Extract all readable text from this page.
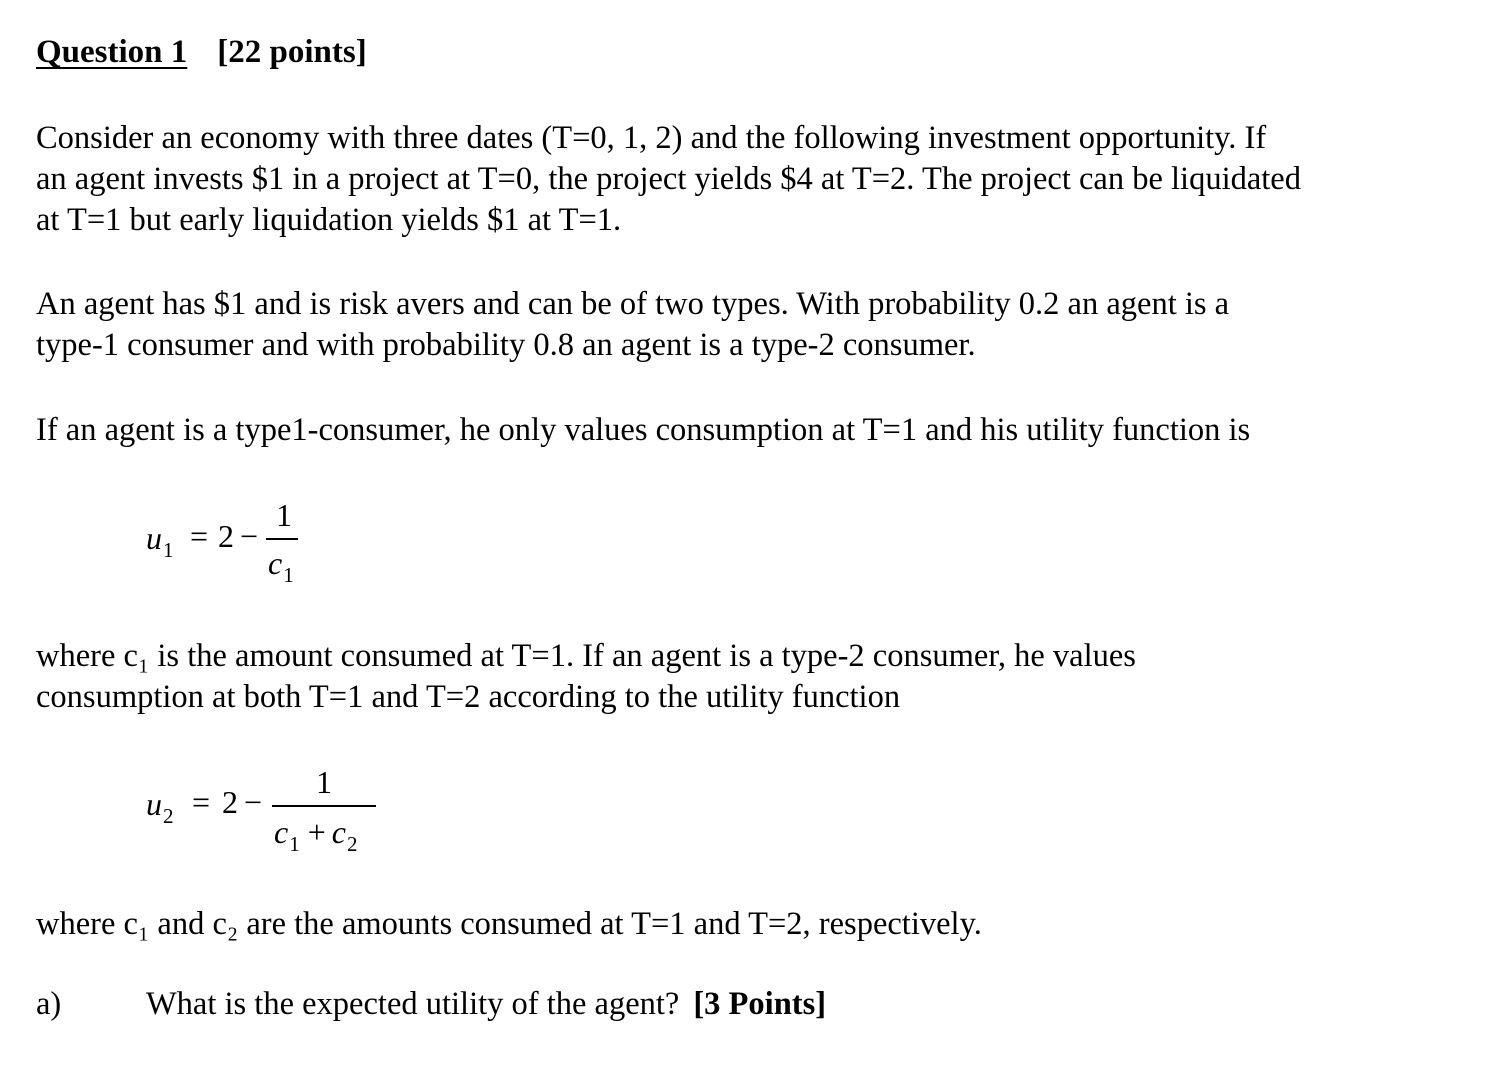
Question 1 [22 points]

Consider an economy with three dates (T=0, 1, 2) and the following investment opportunity. If
an agent invests $1 in a project at T=0, the project yields $4 at T=2. The project can be liquidated
at T=1 but early liquidation yields $1 at T=1.

An agent has $1 and is risk avers and can be of two types. With probability 0.2 an agent is a
type-1 consumer and with probability 0.8 an agent is a type-2 consumer.

If an agent is a type1-consumer, he only values consumption at T=1 and his utility function is

$u_1 = 2$ −
1
$c_1$

where c₁ is the amount consumed at T=1. If an agent is a type-2 consumer, he values
consumption at both T=1 and T=2 according to the utility function

$u_2 = 2$ −
1
$c_1 + c_2$

where c₁ and c₂ are the amounts consumed at T=1 and T=2, respectively.

a)	What is the expected utility of the agent? [3 Points]
